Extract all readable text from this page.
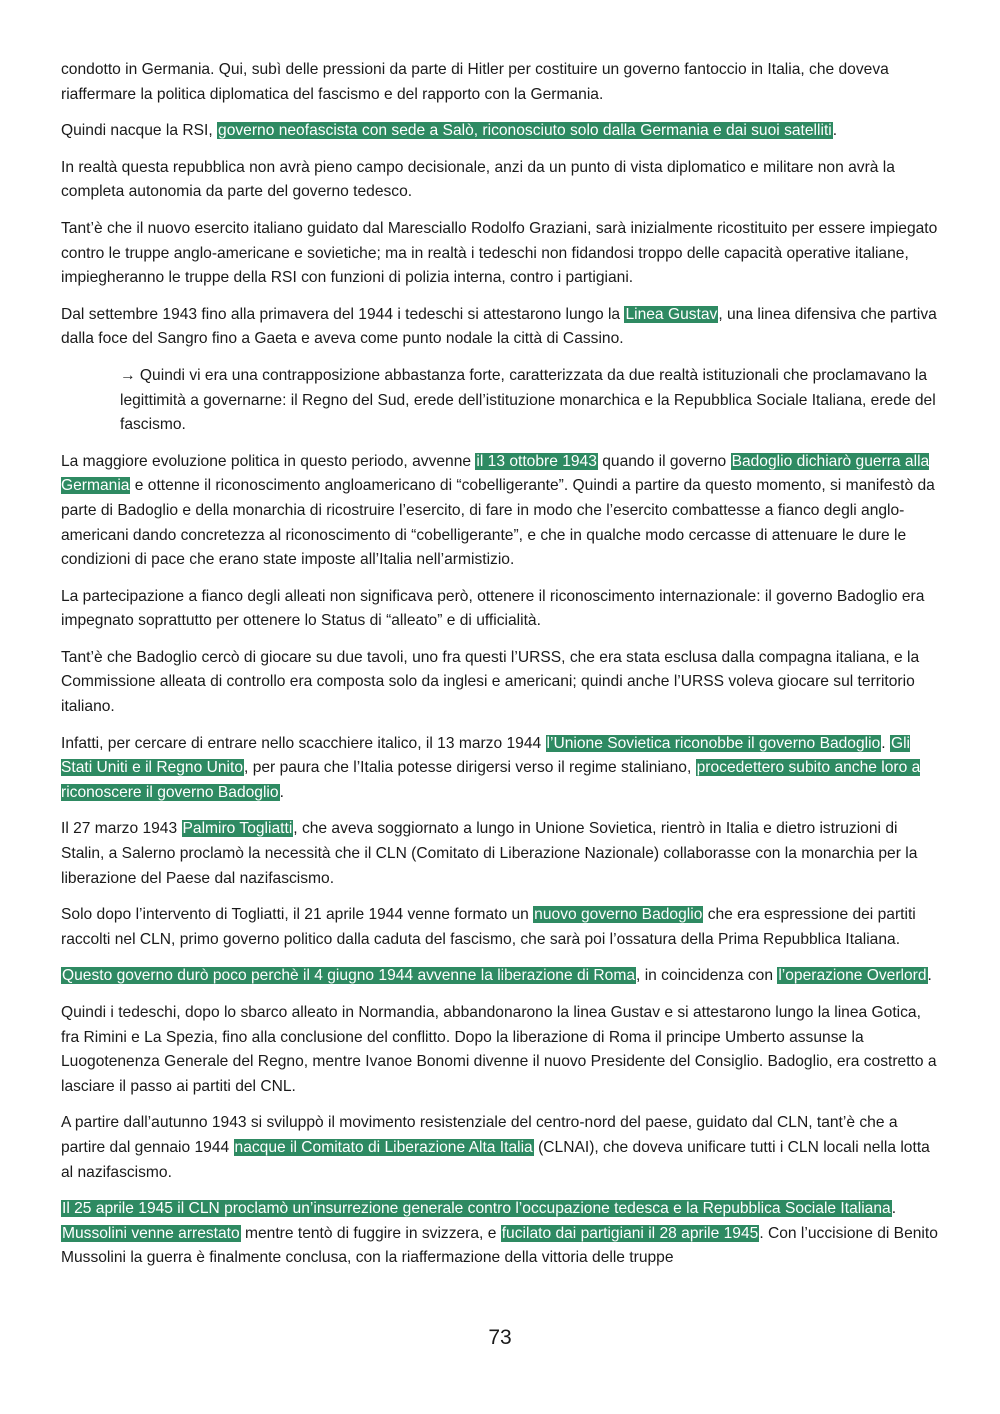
condotto in Germania. Qui, subì delle pressioni da parte di Hitler per costituire un governo fantoccio in Italia, che doveva riaffermare la politica diplomatica del fascismo e del rapporto con la Germania.

Quindi nacque la RSI, governo neofascista con sede a Salò, riconosciuto solo dalla Germania e dai suoi satelliti.

In realtà questa repubblica non avrà pieno campo decisionale, anzi da un punto di vista diplomatico e militare non avrà la completa autonomia da parte del governo tedesco.

Tant’è che il nuovo esercito italiano guidato dal Maresciallo Rodolfo Graziani, sarà inizialmente ricostituito per essere impiegato contro le truppe anglo-americane e sovietiche; ma in realtà i tedeschi non fidandosi troppo delle capacità operative italiane, impiegheranno le truppe della RSI con funzioni di polizia interna, contro i partigiani.

Dal settembre 1943 fino alla primavera del 1944 i tedeschi si attestarono lungo la Linea Gustav, una linea difensiva che partiva dalla foce del Sangro fino a Gaeta e aveva come punto nodale la città di Cassino.

→ Quindi vi era una contrapposizione abbastanza forte, caratterizzata da due realtà istituzionali che proclamavano la legittimità a governarne: il Regno del Sud, erede dell’istituzione monarchica e la Repubblica Sociale Italiana, erede del fascismo.

La maggiore evoluzione politica in questo periodo, avvenne il 13 ottobre 1943 quando il governo Badoglio dichiarò guerra alla Germania e ottenne il riconoscimento angloamericano di “cobelligerante”. Quindi a partire da questo momento, si manifestò da parte di Badoglio e della monarchia di ricostruire l’esercito, di fare in modo che l’esercito combattesse a fianco degli anglo-americani dando concretezza al riconoscimento di “cobelligerante”, e che in qualche modo cercasse di attenuare le dure le condizioni di pace che erano state imposte all’Italia nell’armistizio.

La partecipazione a fianco degli alleati non significava però, ottenere il riconoscimento internazionale: il governo Badoglio era impegnato soprattutto per ottenere lo Status di “alleato” e di ufficialità.

Tant’è che Badoglio cercò di giocare su due tavoli, uno fra questi l’URSS, che era stata esclusa dalla compagna italiana, e la Commissione alleata di controllo era composta solo da inglesi e americani; quindi anche l’URSS voleva giocare sul territorio italiano.

Infatti, per cercare di entrare nello scacchiere italico, il 13 marzo 1944 l’Unione Sovietica riconobbe il governo Badoglio. Gli Stati Uniti e il Regno Unito, per paura che l’Italia potesse dirigersi verso il regime staliniano, procedettero subito anche loro a riconoscere il governo Badoglio.

Il 27 marzo 1943 Palmiro Togliatti, che aveva soggiornato a lungo in Unione Sovietica, rientrò in Italia e dietro istruzioni di Stalin, a Salerno proclamò la necessità che il CLN (Comitato di Liberazione Nazionale) collaborasse con la monarchia per la liberazione del Paese dal nazifascismo.

Solo dopo l’intervento di Togliatti, il 21 aprile 1944 venne formato un nuovo governo Badoglio che era espressione dei partiti raccolti nel CLN, primo governo politico dalla caduta del fascismo, che sarà poi l’ossatura della Prima Repubblica Italiana.

Questo governo durò poco perchè il 4 giugno 1944 avvenne la liberazione di Roma, in coincidenza con l’operazione Overlord.

Quindi i tedeschi, dopo lo sbarco alleato in Normandia, abbandonarono la linea Gustav e si attestarono lungo la linea Gotica, fra Rimini e La Spezia, fino alla conclusione del conflitto. Dopo la liberazione di Roma il principe Umberto assunse la Luogotenenza Generale del Regno, mentre Ivanoe Bonomi divenne il nuovo Presidente del Consiglio. Badoglio, era costretto a lasciare il passo ai partiti del CNL.

A partire dall’autunno 1943 si sviluppò il movimento resistenziale del centro-nord del paese, guidato dal CLN, tant’è che a partire dal gennaio 1944 nacque il Comitato di Liberazione Alta Italia (CLNAI), che doveva unificare tutti i CLN locali nella lotta al nazifascismo.

Il 25 aprile 1945 il CLN proclamò un’insurrezione generale contro l’occupazione tedesca e la Repubblica Sociale Italiana. Mussolini venne arrestato mentre tentò di fuggire in svizzera, e fucilato dai partigiani il 28 aprile 1945. Con l’uccisione di Benito Mussolini la guerra è finalmente conclusa, con la riaffermazione della vittoria delle truppe

73
